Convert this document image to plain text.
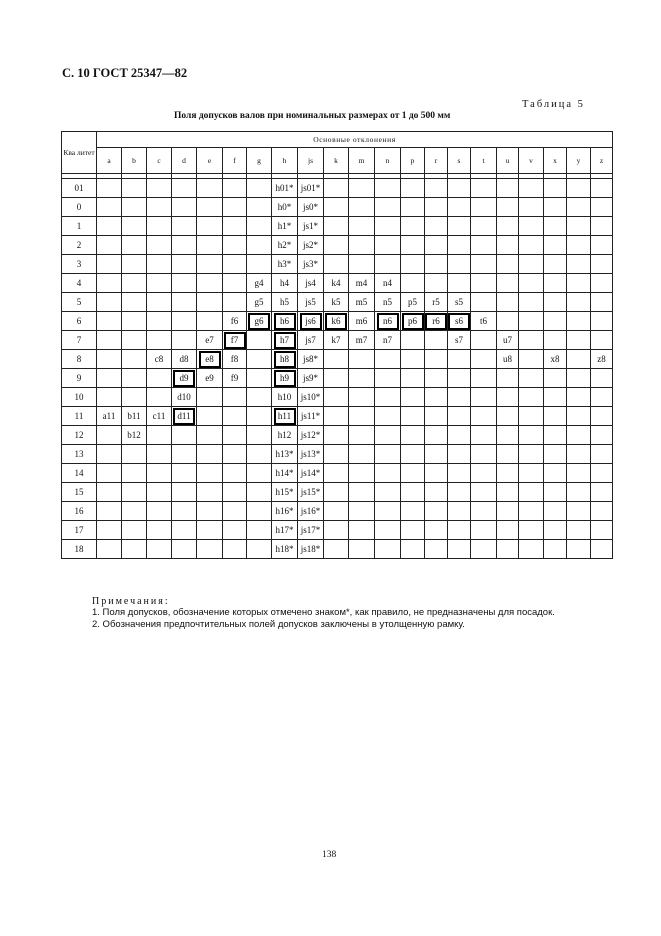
С. 10 ГОСТ 25347—82
Таблица 5
Поля допусков валов при номинальных размерах от 1 до 500 мм
Ква литет	Основные отклонения																				
	a	b	c	d	e	f	g	h	js	k	m	n	p	r	s	t	u	v	x	y	z

01								h01*	js01*												
0								h0*	js0*												
1								h1*	js1*												
2								h2*	js2*												
3								h3*	js3*												
4							g4	h4	js4	k4	m4	n4									
5							g5	h5	js5	k5	m5	n5	p5	r5	s5						
6						f6	g6	h6	js6	k6	m6	n6	p6	r6	s6	t6					
7					e7	f7		h7	js7	k7	m7	n7			s7		u7				
8			c8	d8	e8	f8		h8	js8*								u8		x8		z8
9				d9	e9	f9		h9	js9*												
10				d10				h10	js10*												
11	a11	b11	c11	d11				h11	js11*												
12		b12						h12	js12*												
13								h13*	js13*												
14								h14*	js14*												
15								h15*	js15*												
16								h16*	js16*												
17								h17*	js17*												
18								h18*	js18*												
Примечания:
1. Поля допусков, обозначение которых отмечено знаком*, как правило, не предназначены для посадок.
2. Обозначения предпочтительных полей допусков заключены в утолщенную рамку.
138
